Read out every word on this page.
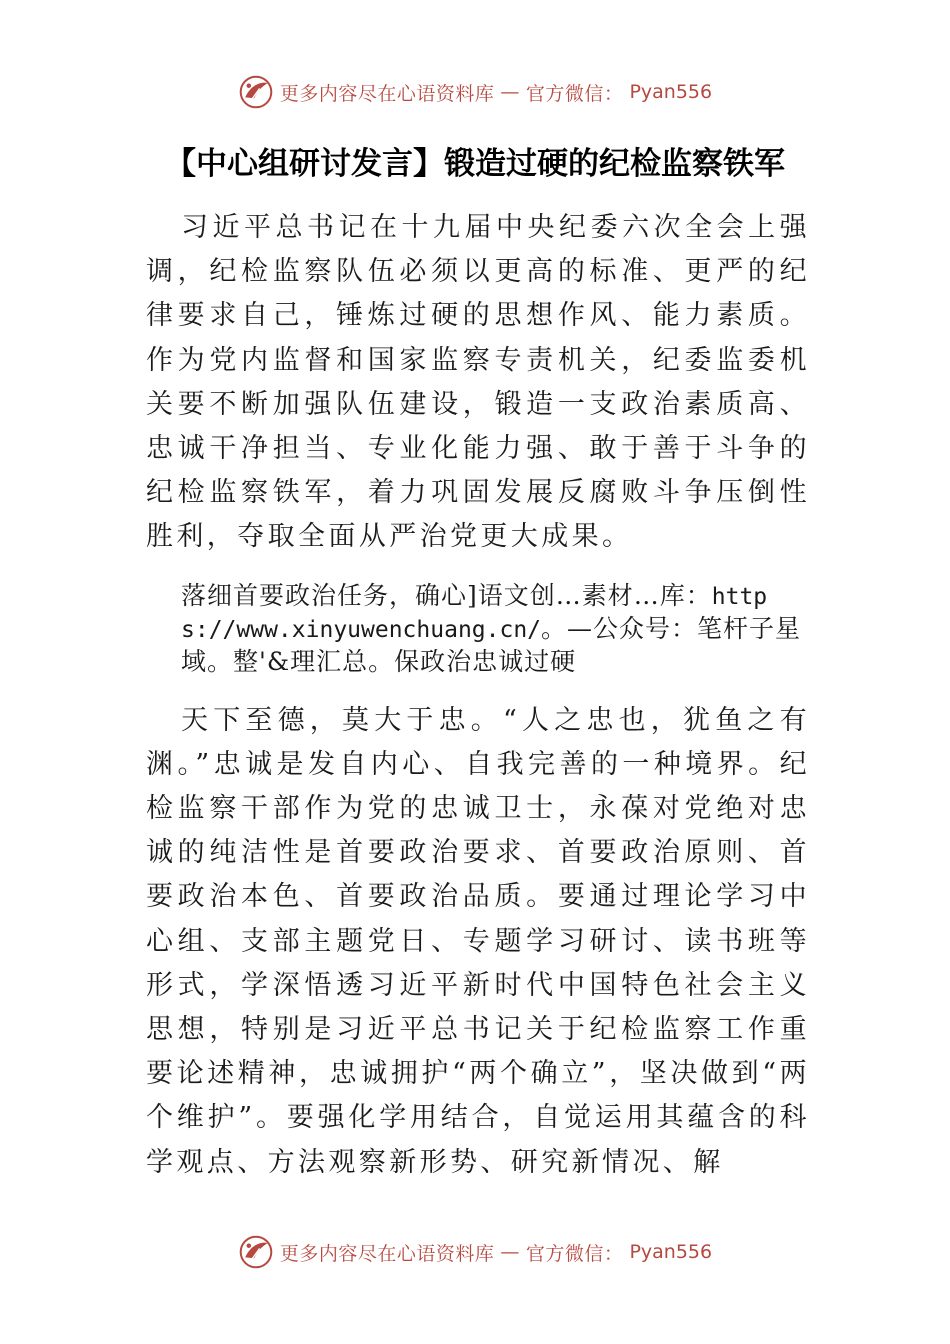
更多内容尽在心语资料库 — 官方微信： Pyan556
【中心组研讨发言】锻造过硬的纪检监察铁军

习近平总书记在十九届中央纪委六次全会上强调，纪检监察队伍必须以更高的标准、更严的纪律要求自己，锤炼过硬的思想作风、能力素质。作为党内监督和国家监察专责机关，纪委监委机关要不断加强队伍建设，锻造一支政治素质高、忠诚干净担当、专业化能力强、敢于善于斗争的纪检监察铁军，着力巩固发展反腐败斗争压倒性胜利，夺取全面从严治党更大成果。

落细首要政治任务，确心]语文创…素材…库：https://www.xinyuwenchuang.cn/。—公众号：笔杆子星域。整'&理汇总。保政治忠诚过硬

天下至德，莫大于忠。“人之忠也，犹鱼之有渊。”忠诚是发自内心、自我完善的一种境界。纪检监察干部作为党的忠诚卫士，永葆对党绝对忠诚的纯洁性是首要政治要求、首要政治原则、首要政治本色、首要政治品质。要通过理论学习中心组、支部主题党日、专题学习研讨、读书班等形式，学深悟透习近平新时代中国特色社会主义思想，特别是习近平总书记关于纪检监察工作重要论述精神，忠诚拥护“两个确立”，坚决做到“两个维护”。要强化学用结合，自觉运用其蕴含的科学观点、方法观察新形势、研究新情况、解

更多内容尽在心语资料库 — 官方微信： Pyan556
